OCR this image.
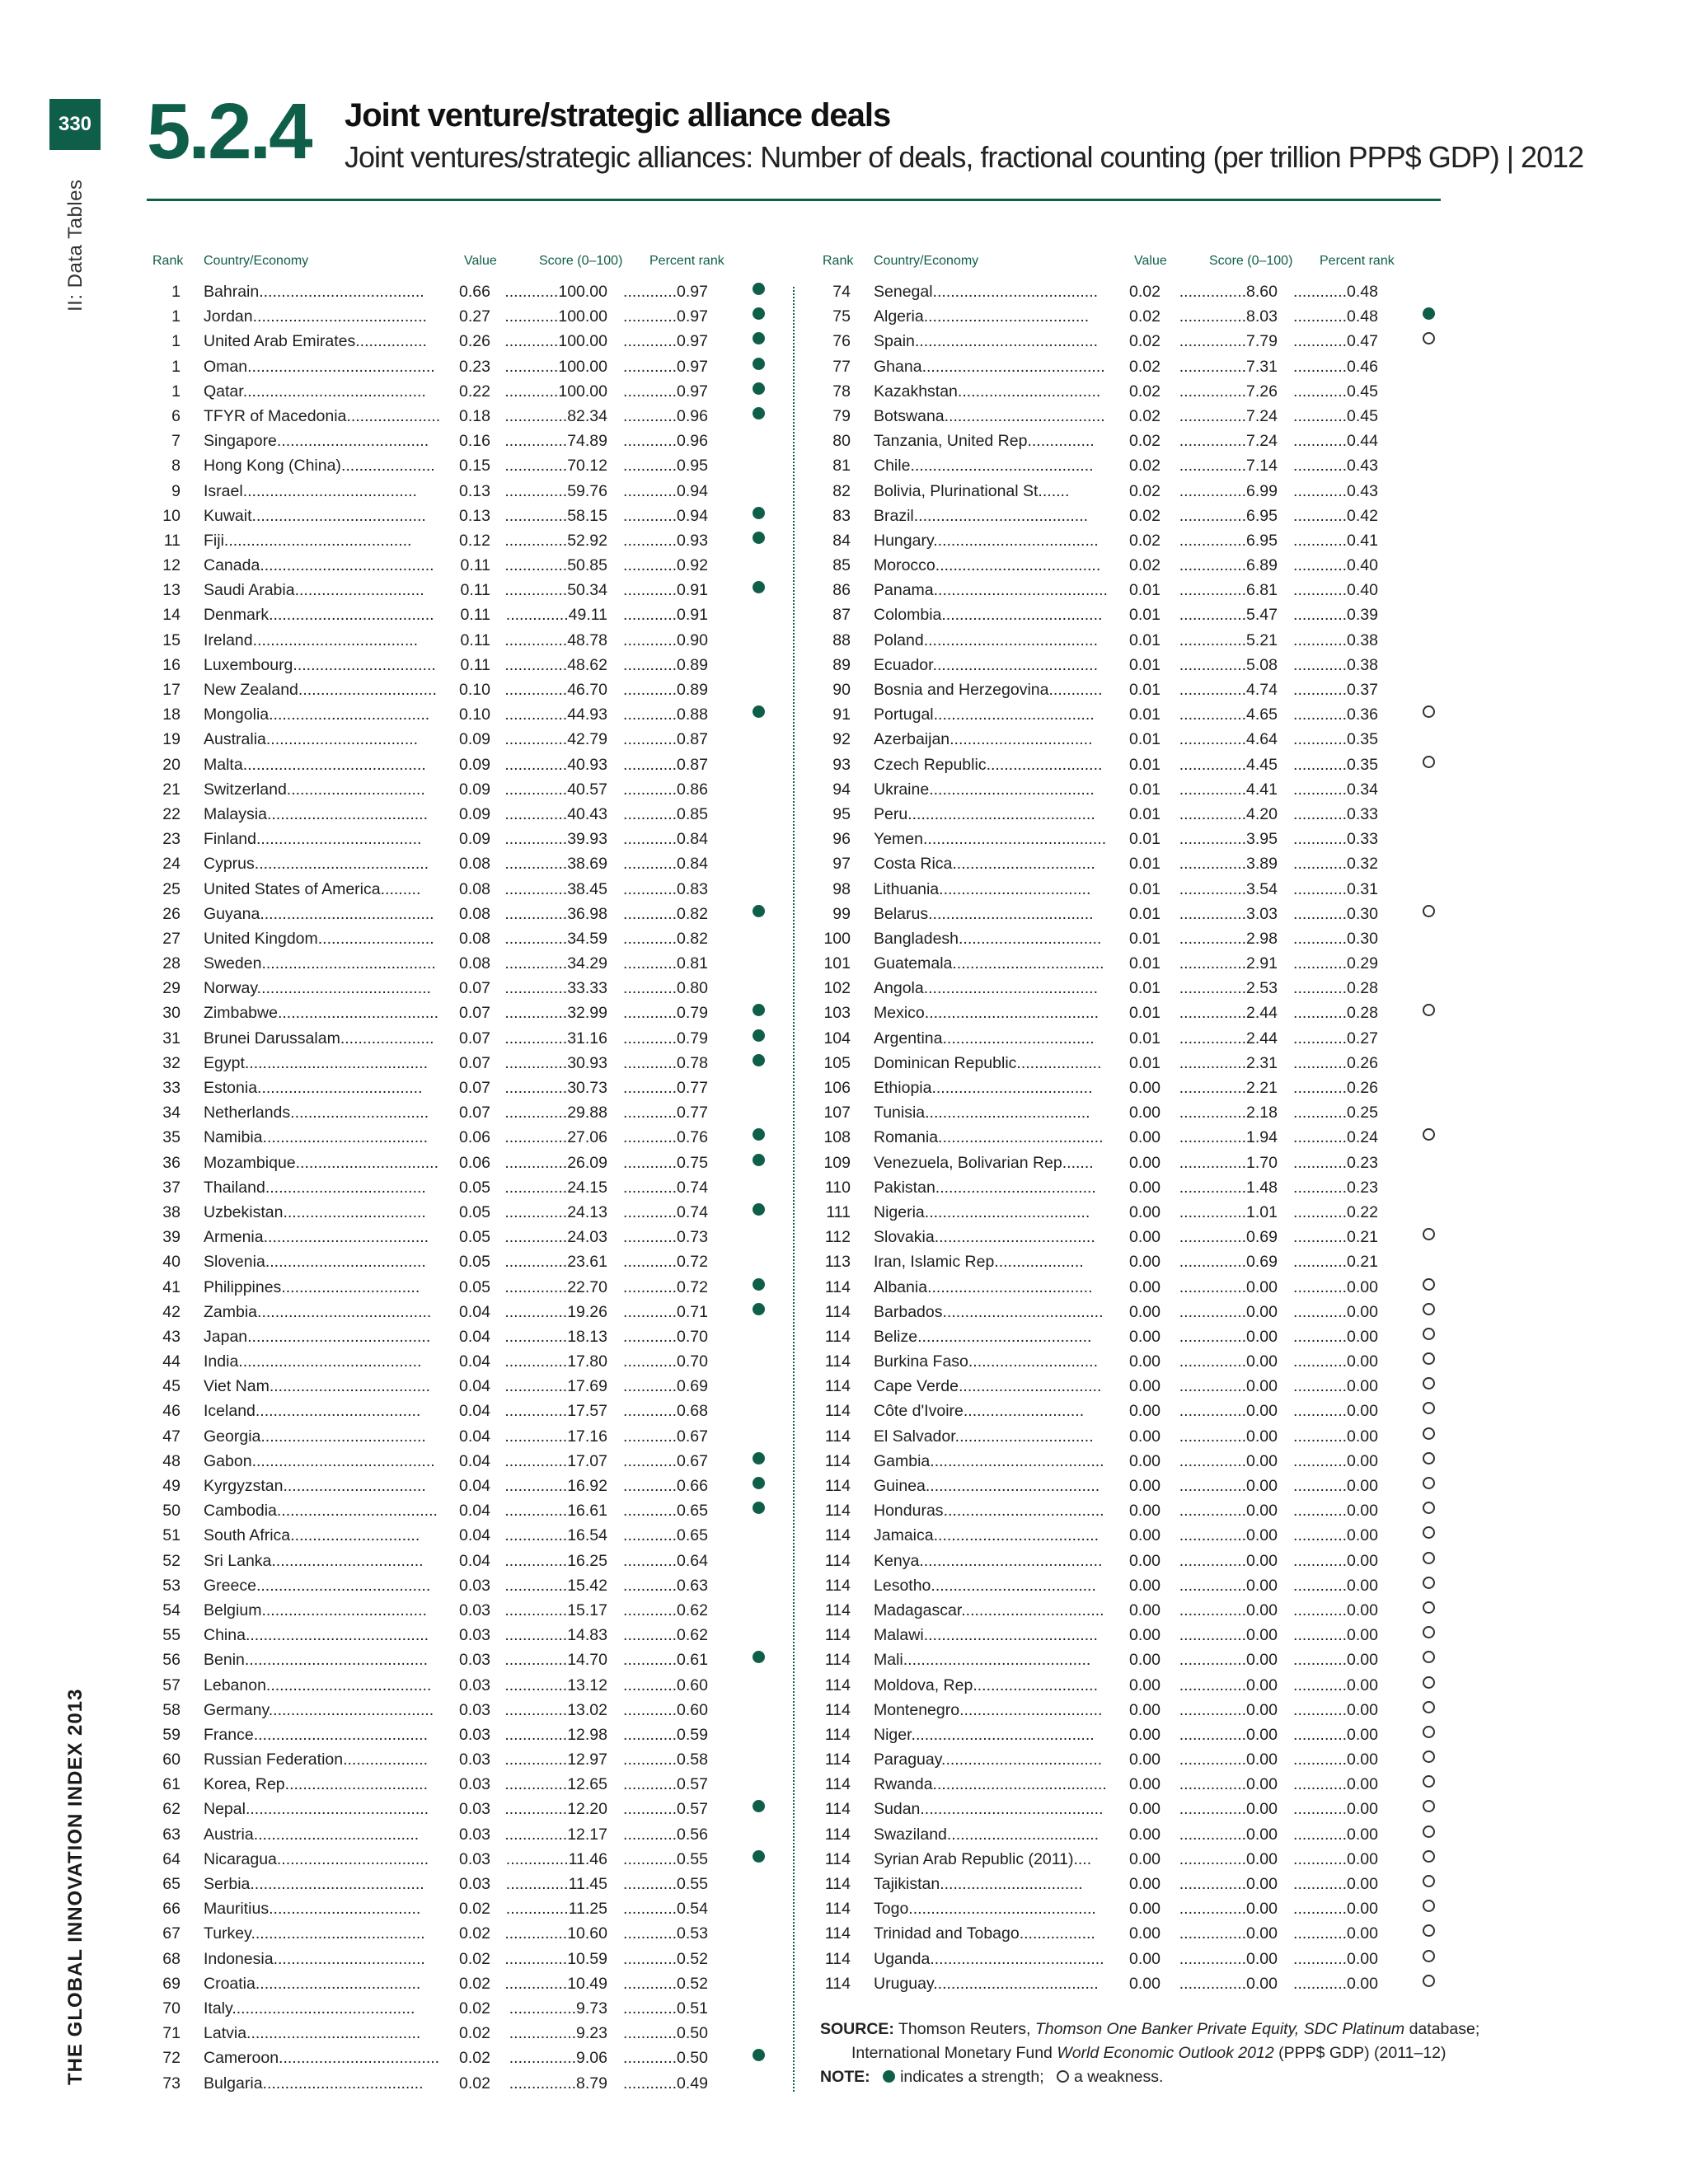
330
II: Data Tables
THE GLOBAL INNOVATION INDEX 2013
5.2.4 Joint venture/strategic alliance deals
Joint ventures/strategic alliances: Number of deals, fractional counting (per trillion PPP$ GDP) | 2012
Rank Country/Economy	Value	Score (0–100) Percent rank	Rank Country/Economy	Value	Score (0–100) Percent rank
1 Bahrain.....................................	0.66 ............100.00 ............0.97
1 Jordan.......................................	0.27 ............100.00 ............0.97
1 United Arab Emirates................	0.26 ............100.00 ............0.97
1 Oman..........................................	0.23 ............100.00 ............0.97
1 Qatar.........................................	0.22 ............100.00 ............0.97
6 TFYR of Macedonia.....................	0.18 ..............82.34 ............0.96
7 Singapore..................................	0.16 ..............74.89 ............0.96
8 Hong Kong (China).....................	0.15 ..............70.12 ............0.95
9 Israel.......................................	0.13 ..............59.76 ............0.94
10 Kuwait.......................................	0.13 ..............58.15 ............0.94
11 Fiji..........................................	0.12 ..............52.92 ............0.93
12 Canada.......................................	0.11 ..............50.85 ............0.92
13 Saudi Arabia.............................	0.11 ..............50.34 ............0.91
14 Denmark.....................................	0.11 ..............49.11 ............0.91
15 Ireland.....................................	0.11 ..............48.78 ............0.90
16 Luxembourg................................	0.11 ..............48.62 ............0.89
17 New Zealand...............................	0.10 ..............46.70 ............0.89
18 Mongolia....................................	0.10 ..............44.93 ............0.88
19 Australia..................................	0.09 ..............42.79 ............0.87
20 Malta.........................................	0.09 ..............40.93 ............0.87
21 Switzerland...............................	0.09 ..............40.57 ............0.86
22 Malaysia....................................	0.09 ..............40.43 ............0.85
23 Finland.....................................	0.09 ..............39.93 ............0.84
24 Cyprus.......................................	0.08 ..............38.69 ............0.84
25 United States of America.........	0.08 ..............38.45 ............0.83
26 Guyana.......................................	0.08 ..............36.98 ............0.82
27 United Kingdom..........................	0.08 ..............34.59 ............0.82
28 Sweden.......................................	0.08 ..............34.29 ............0.81
29 Norway.......................................	0.07 ..............33.33 ............0.80
30 Zimbabwe....................................	0.07 ..............32.99 ............0.79
31 Brunei Darussalam.....................	0.07 ..............31.16 ............0.79
32 Egypt.........................................	0.07 ..............30.93 ............0.78
33 Estonia.....................................	0.07 ..............30.73 ............0.77
34 Netherlands...............................	0.07 ..............29.88 ............0.77
35 Namibia.....................................	0.06 ..............27.06 ............0.76
36 Mozambique................................	0.06 ..............26.09 ............0.75
37 Thailand....................................	0.05 ..............24.15 ............0.74
38 Uzbekistan................................	0.05 ..............24.13 ............0.74
39 Armenia.....................................	0.05 ..............24.03 ............0.73
40 Slovenia....................................	0.05 ..............23.61 ............0.72
41 Philippines...............................	0.05 ..............22.70 ............0.72
42 Zambia.......................................	0.04 ..............19.26 ............0.71
43 Japan.........................................	0.04 ..............18.13 ............0.70
44 India.........................................	0.04 ..............17.80 ............0.70
45 Viet Nam....................................	0.04 ..............17.69 ............0.69
46 Iceland.....................................	0.04 ..............17.57 ............0.68
47 Georgia.....................................	0.04 ..............17.16 ............0.67
48 Gabon.........................................	0.04 ..............17.07 ............0.67
49 Kyrgyzstan................................	0.04 ..............16.92 ............0.66
50 Cambodia....................................	0.04 ..............16.61 ............0.65
51 South Africa.............................	0.04 ..............16.54 ............0.65
52 Sri Lanka..................................	0.04 ..............16.25 ............0.64
53 Greece.......................................	0.03 ..............15.42 ............0.63
54 Belgium.....................................	0.03 ..............15.17 ............0.62
55 China.........................................	0.03 ..............14.83 ............0.62
56 Benin.........................................	0.03 ..............14.70 ............0.61
57 Lebanon.....................................	0.03 ..............13.12 ............0.60
58 Germany.....................................	0.03 ..............13.02 ............0.60
59 France.......................................	0.03 ..............12.98 ............0.59
60 Russian Federation...................	0.03 ..............12.97 ............0.58
61 Korea, Rep................................	0.03 ..............12.65 ............0.57
62 Nepal.........................................	0.03 ..............12.20 ............0.57
63 Austria.....................................	0.03 ..............12.17 ............0.56
64 Nicaragua..................................	0.03 ..............11.46 ............0.55
65 Serbia.......................................	0.03 ..............11.45 ............0.55
66 Mauritius..................................	0.02 ..............11.25 ............0.54
67 Turkey.......................................	0.02 ..............10.60 ............0.53
68 Indonesia..................................	0.02 ..............10.59 ............0.52
69 Croatia.....................................	0.02 ..............10.49 ............0.52
70 Italy.........................................	0.02	...............9.73 ............0.51
71 Latvia.......................................	0.02	...............9.23 ............0.50
72 Cameroon....................................	0.02	...............9.06 ............0.50
73 Bulgaria....................................	0.02	...............8.79 ............0.49
74 Senegal.....................................	0.02	...............8.60 ............0.48
75 Algeria.....................................	0.02	...............8.03 ............0.48
76 Spain.........................................	0.02	...............7.79 ............0.47
77 Ghana.........................................	0.02	...............7.31 ............0.46
78 Kazakhstan................................	0.02	...............7.26 ............0.45
79 Botswana....................................	0.02	...............7.24 ............0.45
80 Tanzania, United Rep...............	0.02	...............7.24 ............0.44
81 Chile.........................................	0.02	...............7.14 ............0.43
82 Bolivia, Plurinational St.......	0.02	...............6.99 ............0.43
83 Brazil.......................................	0.02	...............6.95 ............0.42
84 Hungary.....................................	0.02	...............6.95 ............0.41
85 Morocco.....................................	0.02	...............6.89 ............0.40
86 Panama.......................................	0.01	...............6.81 ............0.40
87 Colombia....................................	0.01	...............5.47 ............0.39
88 Poland.......................................	0.01	...............5.21 ............0.38
89 Ecuador.....................................	0.01	...............5.08 ............0.38
90 Bosnia and Herzegovina............	0.01	...............4.74 ............0.37
91 Portugal....................................	0.01	...............4.65 ............0.36
92 Azerbaijan................................	0.01	...............4.64 ............0.35
93 Czech Republic..........................	0.01	...............4.45 ............0.35
94 Ukraine.....................................	0.01	...............4.41 ............0.34
95 Peru..........................................	0.01	...............4.20 ............0.33
96 Yemen.........................................	0.01	...............3.95 ............0.33
97 Costa Rica................................	0.01	...............3.89 ............0.32
98 Lithuania..................................	0.01	...............3.54 ............0.31
99 Belarus.....................................	0.01	...............3.03 ............0.30
100 Bangladesh................................	0.01	...............2.98 ............0.30
101 Guatemala..................................	0.01	...............2.91 ............0.29
102 Angola.......................................	0.01	...............2.53 ............0.28
103 Mexico.......................................	0.01	...............2.44 ............0.28
104 Argentina..................................	0.01	...............2.44 ............0.27
105 Dominican Republic...................	0.01	...............2.31 ............0.26
106 Ethiopia....................................	0.00	...............2.21 ............0.26
107 Tunisia.....................................	0.00	...............2.18 ............0.25
108 Romania.....................................	0.00	...............1.94 ............0.24
109 Venezuela, Bolivarian Rep.......	0.00	...............1.70 ............0.23
110 Pakistan....................................	0.00	...............1.48 ............0.23
111 Nigeria.....................................	0.00	...............1.01 ............0.22
112 Slovakia....................................	0.00	...............0.69 ............0.21
113 Iran, Islamic Rep....................	0.00	...............0.69 ............0.21
114 Albania.....................................	0.00	...............0.00 ............0.00
114 Barbados....................................	0.00	...............0.00 ............0.00
114 Belize.......................................	0.00	...............0.00 ............0.00
114 Burkina Faso.............................	0.00	...............0.00 ............0.00
114 Cape Verde................................	0.00	...............0.00 ............0.00
114 Côte d'Ivoire...........................	0.00	...............0.00 ............0.00
114 El Salvador...............................	0.00	...............0.00 ............0.00
114 Gambia.......................................	0.00	...............0.00 ............0.00
114 Guinea.......................................	0.00	...............0.00 ............0.00
114 Honduras....................................	0.00	...............0.00 ............0.00
114 Jamaica.....................................	0.00	...............0.00 ............0.00
114 Kenya.........................................	0.00	...............0.00 ............0.00
114 Lesotho.....................................	0.00	...............0.00 ............0.00
114 Madagascar................................	0.00	...............0.00 ............0.00
114 Malawi.......................................	0.00	...............0.00 ............0.00
114 Mali..........................................	0.00	...............0.00 ............0.00
114 Moldova, Rep............................	0.00	...............0.00 ............0.00
114 Montenegro................................	0.00	...............0.00 ............0.00
114 Niger.........................................	0.00	...............0.00 ............0.00
114 Paraguay....................................	0.00	...............0.00 ............0.00
114 Rwanda.......................................	0.00	...............0.00 ............0.00
114 Sudan.........................................	0.00	...............0.00 ............0.00
114 Swaziland..................................	0.00	...............0.00 ............0.00
114 Syrian Arab Republic (2011)....	0.00	...............0.00 ............0.00
114 Tajikistan................................	0.00	...............0.00 ............0.00
114 Togo..........................................	0.00	...............0.00 ............0.00
114 Trinidad and Tobago.................	0.00	...............0.00 ............0.00
114 Uganda.......................................	0.00	...............0.00 ............0.00
114 Uruguay.....................................	0.00	...............0.00 ............0.00
SOURCE: Thomson Reuters, Thomson One Banker Private Equity, SDC Platinum database;
International Monetary Fund World Economic Outlook 2012 (PPP$ GDP) (2011–12)
NOTE: indicates a strength; a weakness.
